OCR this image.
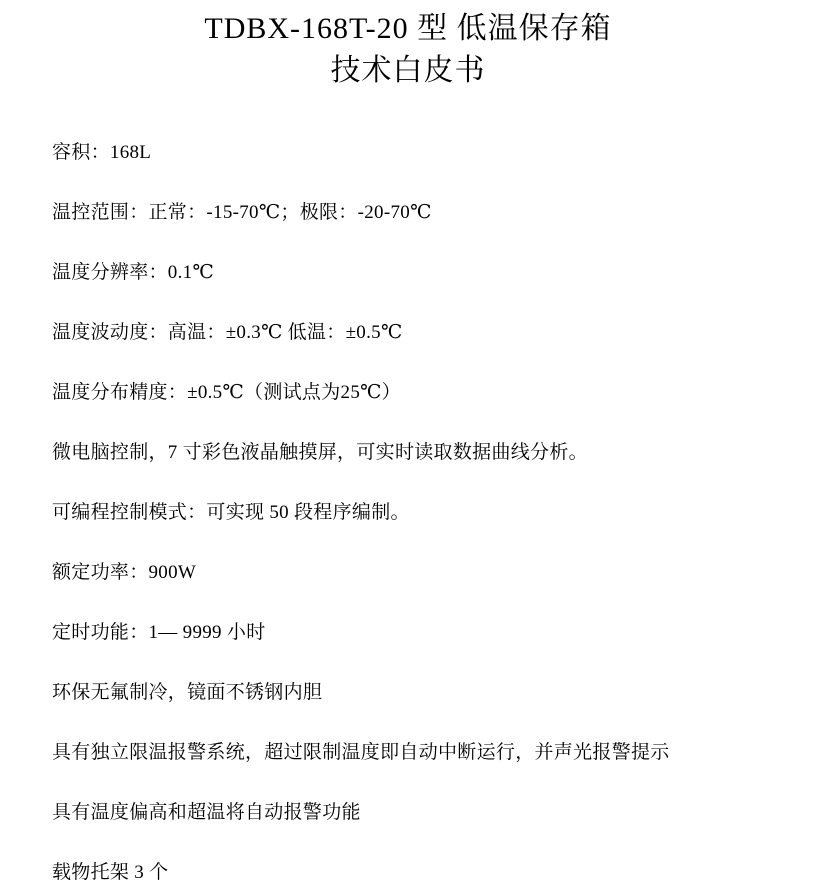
TDBX-168T-20 型 低温保存箱
技术白皮书

容积：168L

温控范围：正常：-15-70℃；极限：-20-70℃

温度分辨率：0.1℃

温度波动度：高温：±0.3℃ 低温：±0.5℃

温度分布精度：±0.5℃（测试点为25℃）

微电脑控制，7 寸彩色液晶触摸屏，可实时读取数据曲线分析。

可编程控制模式：可实现 50 段程序编制。

额定功率：900W

定时功能：1— 9999 小时

环保无氟制冷，镜面不锈钢内胆

具有独立限温报警系统，超过限制温度即自动中断运行，并声光报警提示

具有温度偏高和超温将自动报警功能

载物托架 3 个
